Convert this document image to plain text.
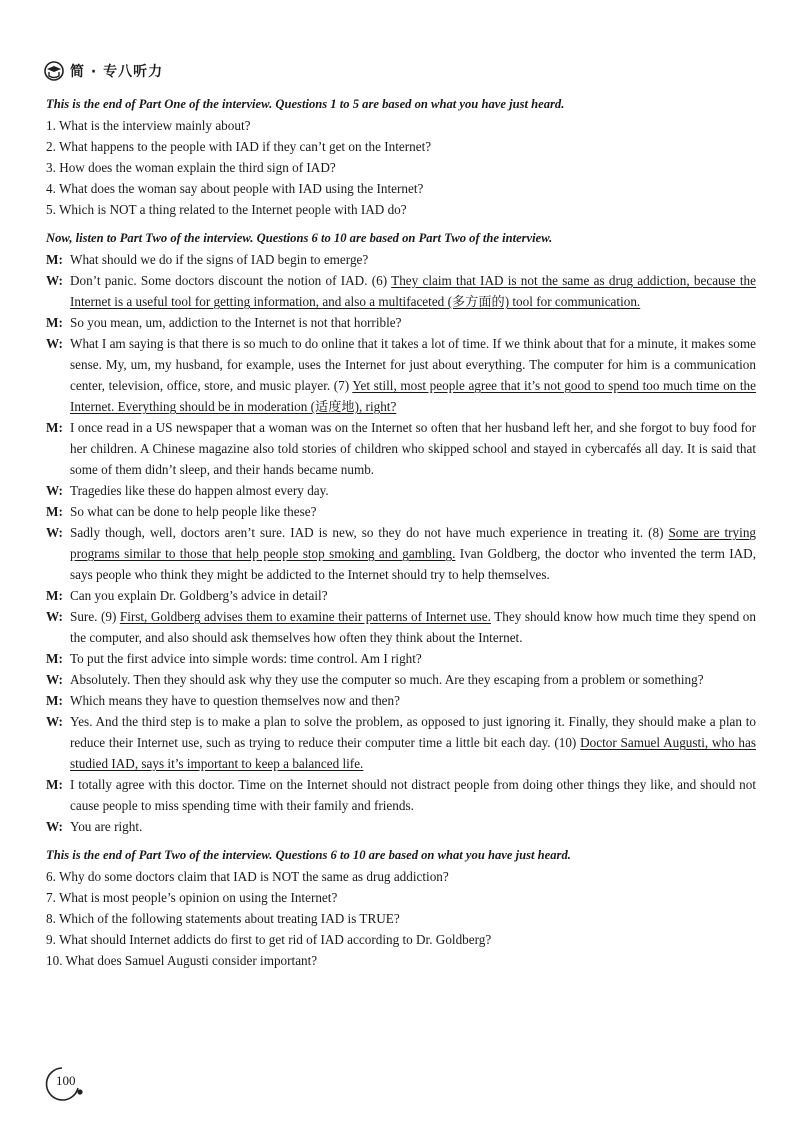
简 · 专八听力
This is the end of Part One of the interview. Questions 1 to 5 are based on what you have just heard.
1. What is the interview mainly about?
2. What happens to the people with IAD if they can’t get on the Internet?
3. How does the woman explain the third sign of IAD?
4. What does the woman say about people with IAD using the Internet?
5. Which is NOT a thing related to the Internet people with IAD do?
Now, listen to Part Two of the interview. Questions 6 to 10 are based on Part Two of the interview.
M: What should we do if the signs of IAD begin to emerge?
W: Don’t panic. Some doctors discount the notion of IAD. (6) They claim that IAD is not the same as drug addiction, because the Internet is a useful tool for getting information, and also a multifaceted (多方面的) tool for communication.
M: So you mean, um, addiction to the Internet is not that horrible?
W: What I am saying is that there is so much to do online that it takes a lot of time. If we think about that for a minute, it makes some sense. My, um, my husband, for example, uses the Internet for just about everything. The computer for him is a communication center, television, office, store, and music player. (7) Yet still, most people agree that it’s not good to spend too much time on the Internet. Everything should be in moderation (适度地), right?
M: I once read in a US newspaper that a woman was on the Internet so often that her husband left her, and she forgot to buy food for her children. A Chinese magazine also told stories of children who skipped school and stayed in cybercafés all day. It is said that some of them didn’t sleep, and their hands became numb.
W: Tragedies like these do happen almost every day.
M: So what can be done to help people like these?
W: Sadly though, well, doctors aren’t sure. IAD is new, so they do not have much experience in treating it. (8) Some are trying programs similar to those that help people stop smoking and gambling. Ivan Goldberg, the doctor who invented the term IAD, says people who think they might be addicted to the Internet should try to help themselves.
M: Can you explain Dr. Goldberg’s advice in detail?
W: Sure. (9) First, Goldberg advises them to examine their patterns of Internet use. They should know how much time they spend on the computer, and also should ask themselves how often they think about the Internet.
M: To put the first advice into simple words: time control. Am I right?
W: Absolutely. Then they should ask why they use the computer so much. Are they escaping from a problem or something?
M: Which means they have to question themselves now and then?
W: Yes. And the third step is to make a plan to solve the problem, as opposed to just ignoring it. Finally, they should make a plan to reduce their Internet use, such as trying to reduce their computer time a little bit each day. (10) Doctor Samuel Augusti, who has studied IAD, says it’s important to keep a balanced life.
M: I totally agree with this doctor. Time on the Internet should not distract people from doing other things they like, and should not cause people to miss spending time with their family and friends.
W: You are right.
This is the end of Part Two of the interview. Questions 6 to 10 are based on what you have just heard.
6. Why do some doctors claim that IAD is NOT the same as drug addiction?
7. What is most people’s opinion on using the Internet?
8. Which of the following statements about treating IAD is TRUE?
9. What should Internet addicts do first to get rid of IAD according to Dr. Goldberg?
10. What does Samuel Augusti consider important?
100
